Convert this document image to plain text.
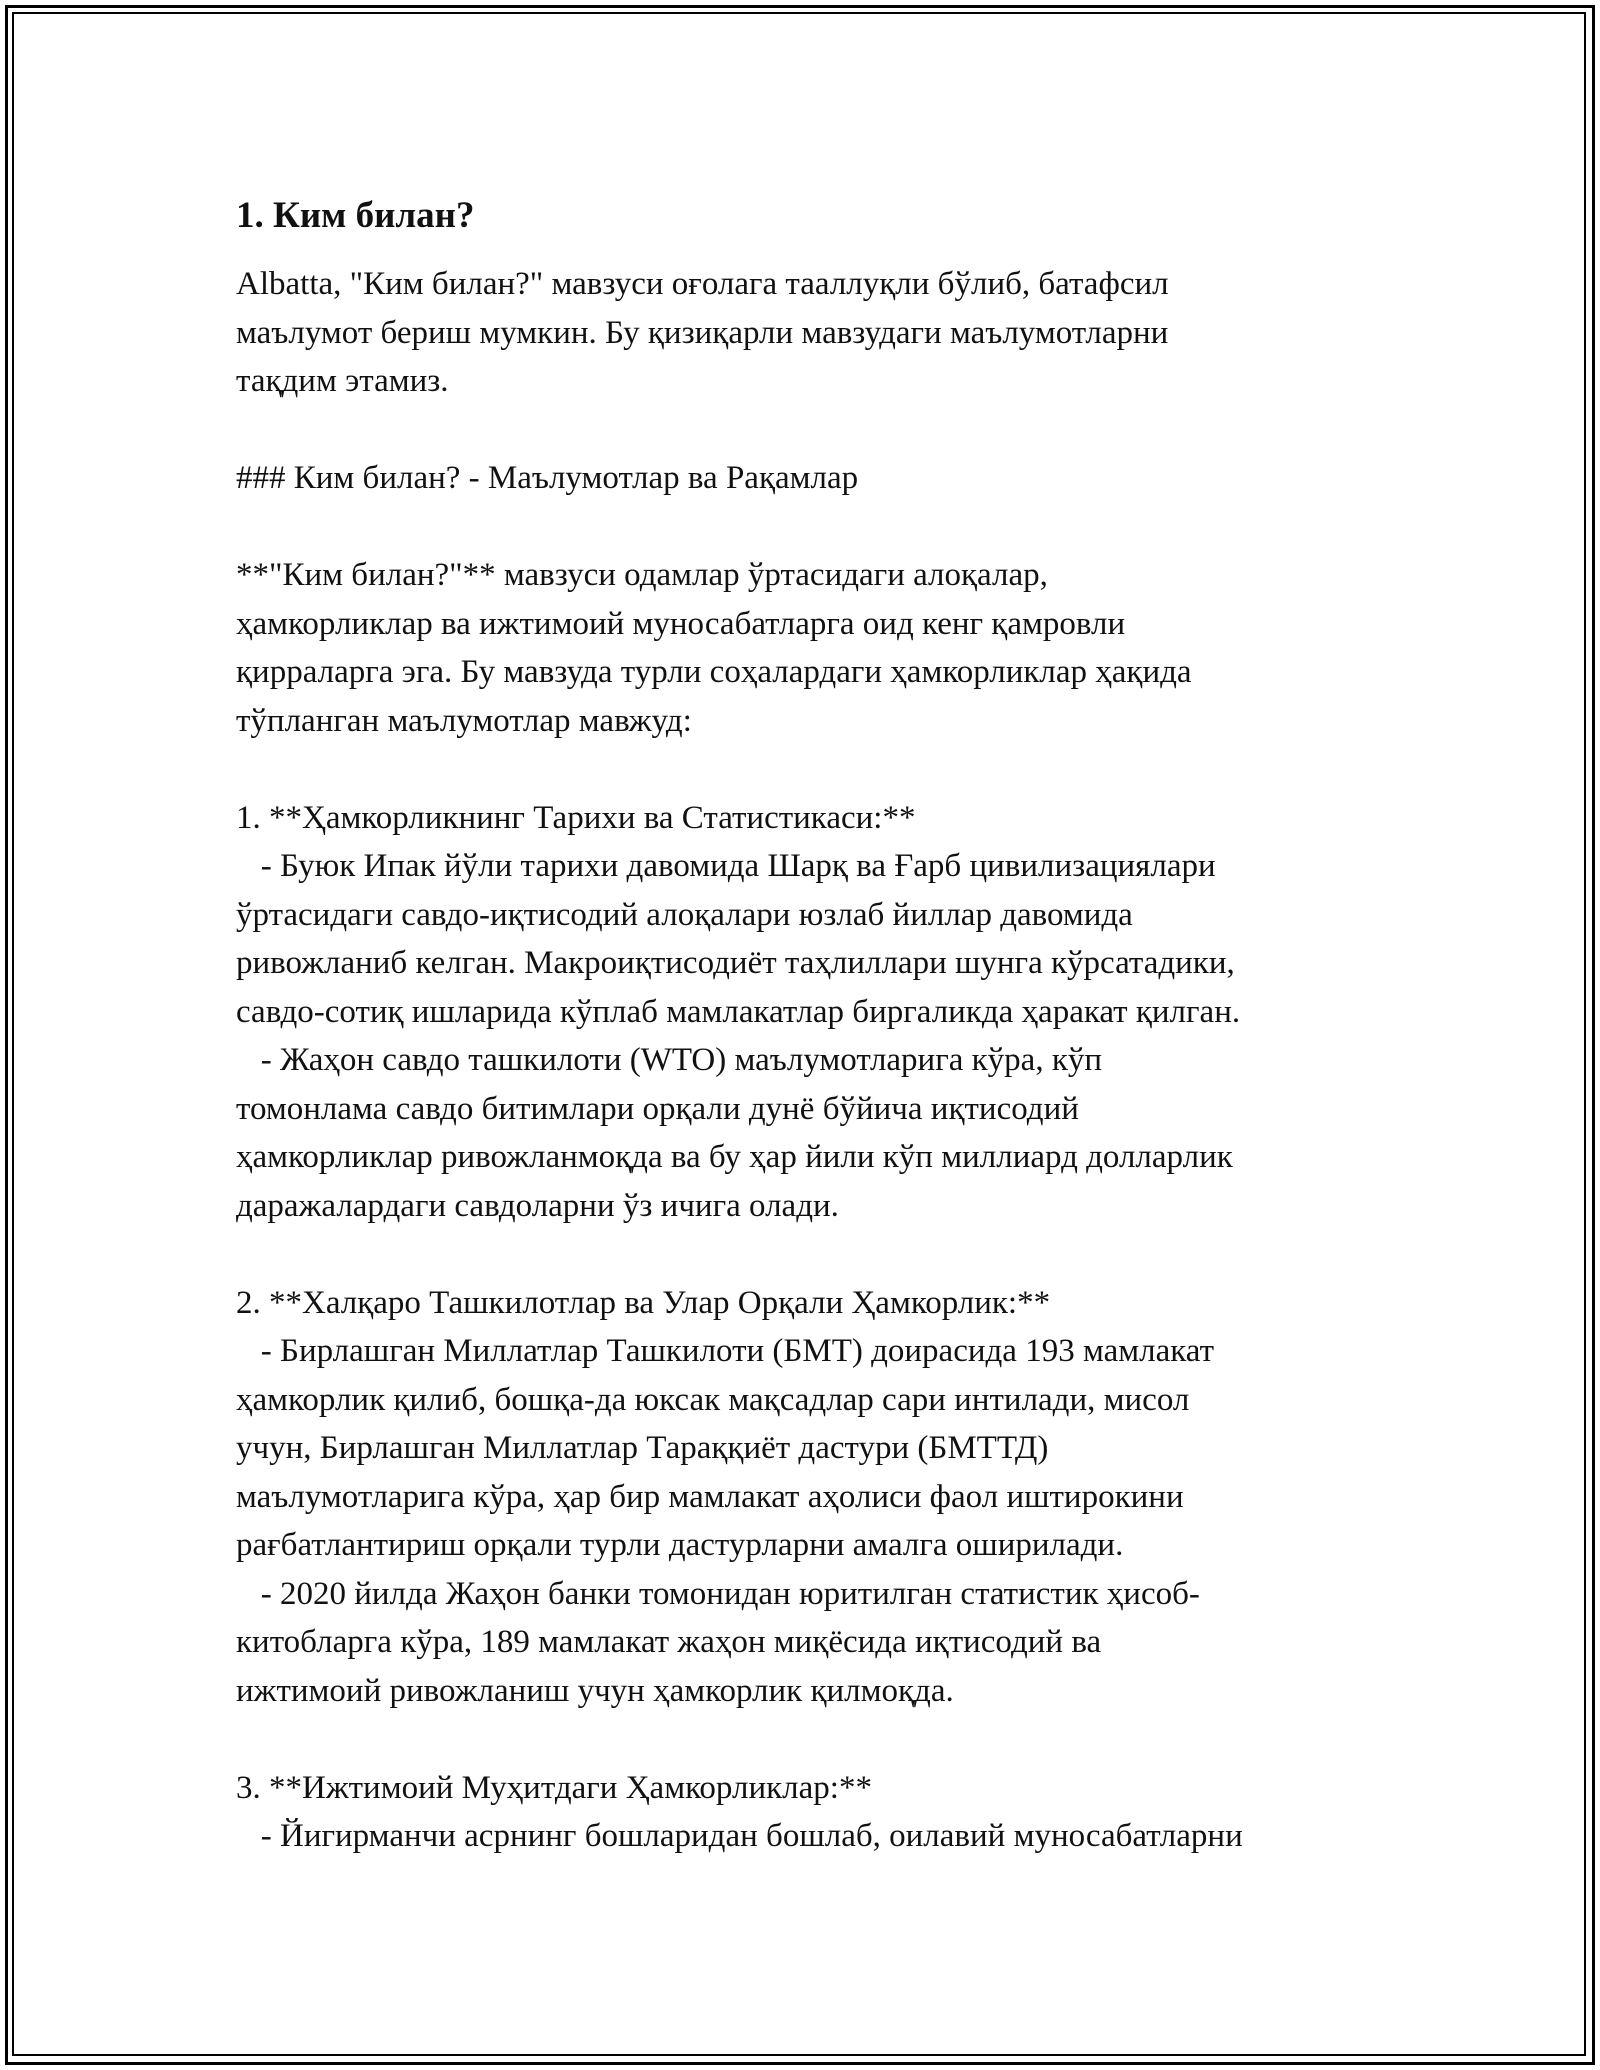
1. Ким билан?

Albatta, "Ким билан?" мавзуси оғолага тааллуқли бўлиб, батафсил
маълумот бериш мумкин. Бу қизиқарли мавзудаги маълумотларни
тақдим этамиз.

### Ким билан? - Маълумотлар ва Рақамлар

**"Ким билан?"** мавзуси одамлар ўртасидаги алоқалар,
ҳамкорликлар ва ижтимоий муносабатларга оид кенг қамровли
қирраларга эга. Бу мавзуда турли соҳалардаги ҳамкорликлар ҳақида
тўпланган маълумотлар мавжуд:

1. **Ҳамкорликнинг Тарихи ва Статистикаси:**

- Буюк Ипак йўли тарихи давомида Шарқ ва Ғарб цивилизациялари
ўртасидаги савдо-иқтисодий алоқалари юзлаб йиллар давомида
ривожланиб келган. Макроиқтисодиёт таҳлиллари шунга кўрсатадики,
савдо-сотиқ ишларида кўплаб мамлакатлар биргаликда ҳаракат қилган.

- Жаҳон савдо ташкилоти (WTO) маълумотларига кўра, кўп
томонлама савдо битимлари орқали дунё бўйича иқтисодий
ҳамкорликлар ривожланмоқда ва бу ҳар йили кўп миллиард долларлик
даражалардаги савдоларни ўз ичига олади.

2. **Халқаро Ташкилотлар ва Улар Орқали Ҳамкорлик:**

- Бирлашган Миллатлар Ташкилоти (БМТ) доирасида 193 мамлакат
ҳамкорлик қилиб, бошқа-да юксак мақсадлар сари интилади, мисол
учун, Бирлашган Миллатлар Тараққиёт дастури (БМТТД)
маълумотларига кўра, ҳар бир мамлакат аҳолиси фаол иштирокини
рағбатлантириш орқали турли дастурларни амалга оширилади.

- 2020 йилда Жаҳон банки томонидан юритилган статистик ҳисоб-
китобларга кўра, 189 мамлакат жаҳон миқёсида иқтисодий ва
ижтимоий ривожланиш учун ҳамкорлик қилмоқда.

3. **Ижтимоий Муҳитдаги Ҳамкорликлар:**

- Йигирманчи асрнинг бошларидан бошлаб, оилавий муносабатларни
